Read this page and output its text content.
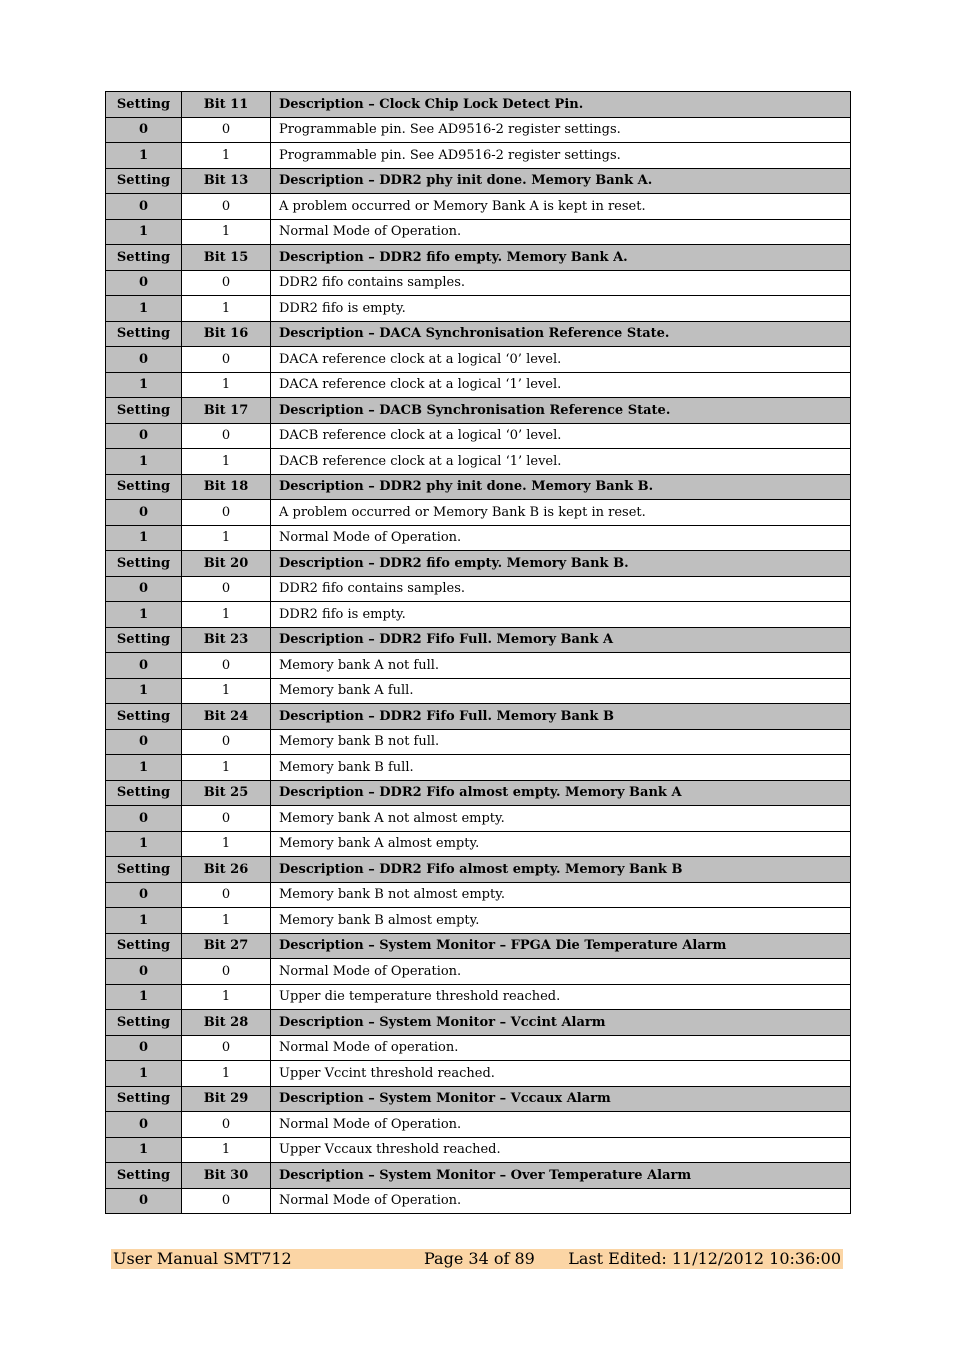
Setting	Bit 11	Description – Clock Chip Lock Detect Pin.
0	0	Programmable pin. See AD9516-2 register settings.
1	1	Programmable pin. See AD9516-2 register settings.
Setting	Bit 13	Description – DDR2 phy init done. Memory Bank A.
0	0	A problem occurred or Memory Bank A is kept in reset.
1	1	Normal Mode of Operation.
Setting	Bit 15	Description – DDR2 fifo empty. Memory Bank A.
0	0	DDR2 fifo contains samples.
1	1	DDR2 fifo is empty.
Setting	Bit 16	Description – DACA Synchronisation Reference State.
0	0	DACA reference clock at a logical ‘0’ level.
1	1	DACA reference clock at a logical ‘1’ level.
Setting	Bit 17	Description – DACB Synchronisation Reference State.
0	0	DACB reference clock at a logical ‘0’ level.
1	1	DACB reference clock at a logical ‘1’ level.
Setting	Bit 18	Description – DDR2 phy init done. Memory Bank B.
0	0	A problem occurred or Memory Bank B is kept in reset.
1	1	Normal Mode of Operation.
Setting	Bit 20	Description – DDR2 fifo empty. Memory Bank B.
0	0	DDR2 fifo contains samples.
1	1	DDR2 fifo is empty.
Setting	Bit 23	Description – DDR2 Fifo Full. Memory Bank A
0	0	Memory bank A not full.
1	1	Memory bank A full.
Setting	Bit 24	Description – DDR2 Fifo Full. Memory Bank B
0	0	Memory bank B not full.
1	1	Memory bank B full.
Setting	Bit 25	Description – DDR2 Fifo almost empty. Memory Bank A
0	0	Memory bank A not almost empty.
1	1	Memory bank A almost empty.
Setting	Bit 26	Description – DDR2 Fifo almost empty. Memory Bank B
0	0	Memory bank B not almost empty.
1	1	Memory bank B almost empty.
Setting	Bit 27	Description – System Monitor – FPGA Die Temperature Alarm
0	0	Normal Mode of Operation.
1	1	Upper die temperature threshold reached.
Setting	Bit 28	Description – System Monitor – Vccint Alarm
0	0	Normal Mode of operation.
1	1	Upper Vccint threshold reached.
Setting	Bit 29	Description – System Monitor – Vccaux Alarm
0	0	Normal Mode of Operation.
1	1	Upper Vccaux threshold reached.
Setting	Bit 30	Description – System Monitor – Over Temperature Alarm
0	0	Normal Mode of Operation.
User Manual SMT712	Page 34 of 89 Last Edited: 11/12/2012 10:36:00
